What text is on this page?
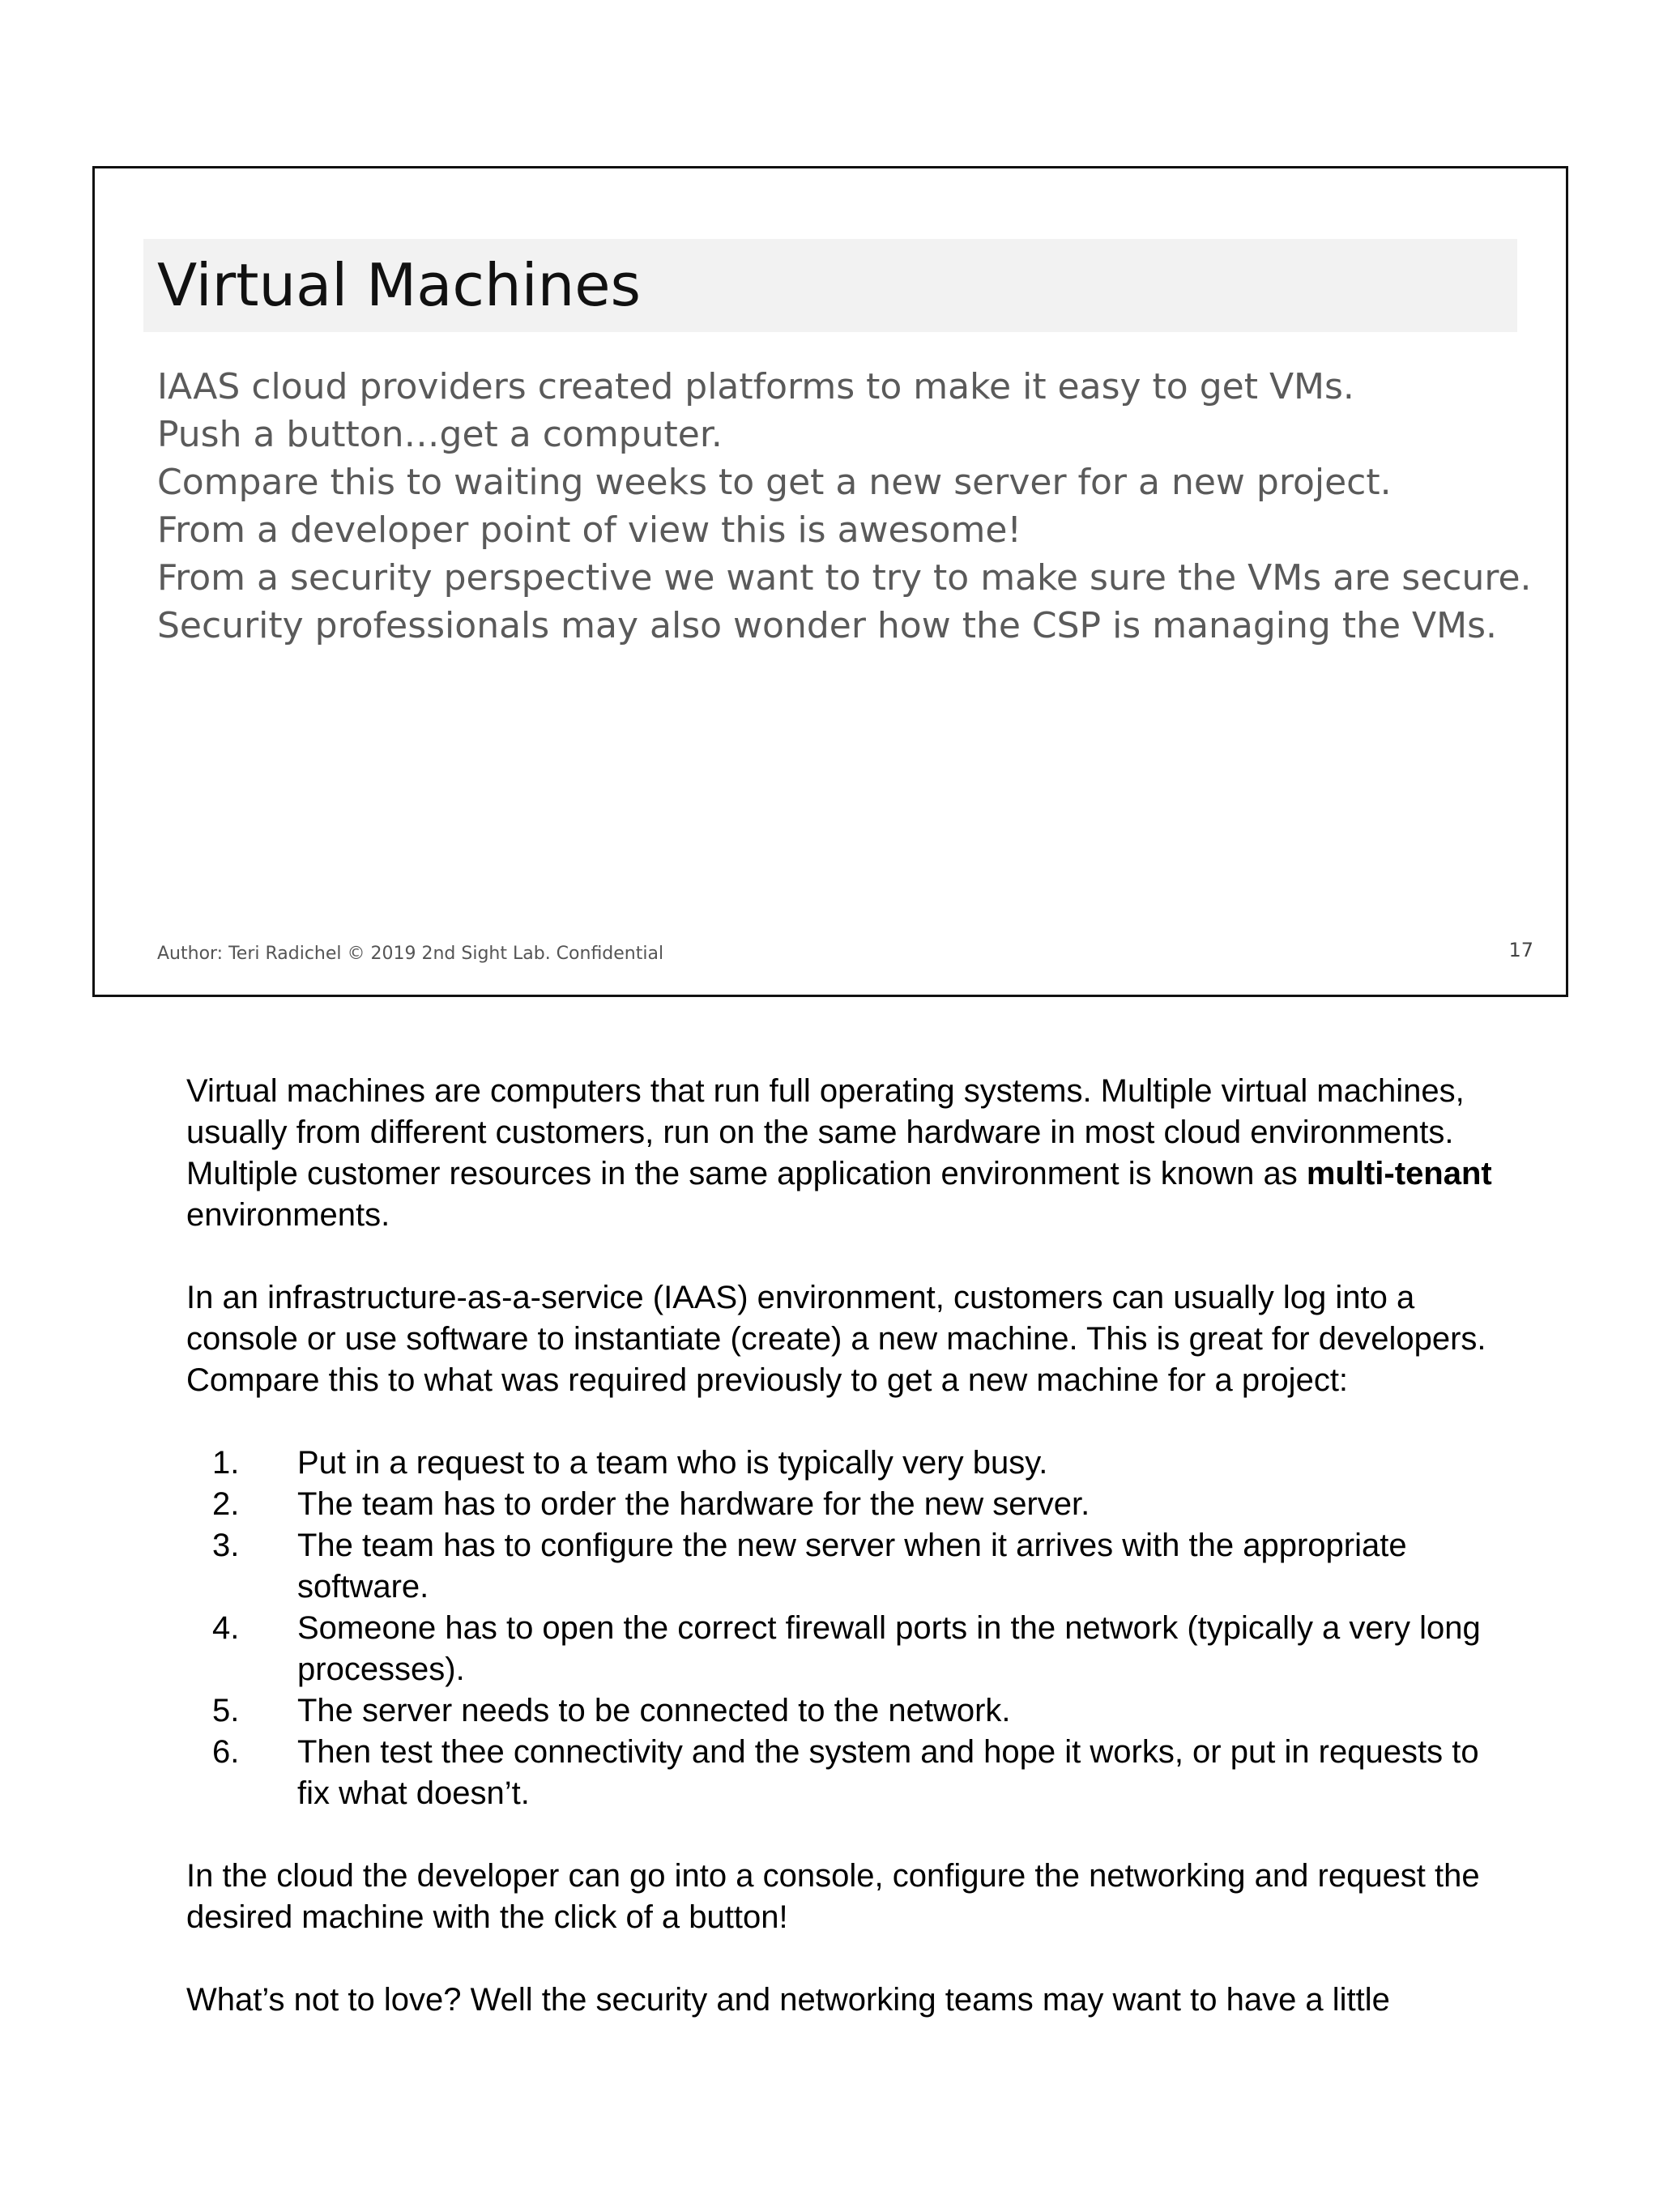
Virtual Machines

IAAS cloud providers created platforms to make it easy to get VMs.

Push a button…get a computer.

Compare this to waiting weeks to get a new server for a new project.

From a developer point of view this is awesome!

From a security perspective we want to try to make sure the VMs are secure.

Security professionals may also wonder how the CSP is managing the VMs.

Author: Teri Radichel © 2019 2nd Sight Lab. Confidential	17

Virtual machines are computers that run full operating systems. Multiple virtual machines, usually from different customers, run on the same hardware in most cloud environments. Multiple customer resources in the same application environment is known as multi-tenant environments.

In an infrastructure-as-a-service (IAAS) environment, customers can usually log into a console or use software to instantiate (create) a new machine. This is great for developers. Compare this to what was required previously to get a new machine for a project:

1. Put in a request to a team who is typically very busy.
2. The team has to order the hardware for the new server.
3. The team has to configure the new server when it arrives with the appropriate software.
4. Someone has to open the correct firewall ports in the network (typically a very long processes).
5. The server needs to be connected to the network.
6. Then test thee connectivity and the system and hope it works, or put in requests to fix what doesn’t.

In the cloud the developer can go into a console, configure the networking and request the desired machine with the click of a button!

What’s not to love? Well the security and networking teams may want to have a little
